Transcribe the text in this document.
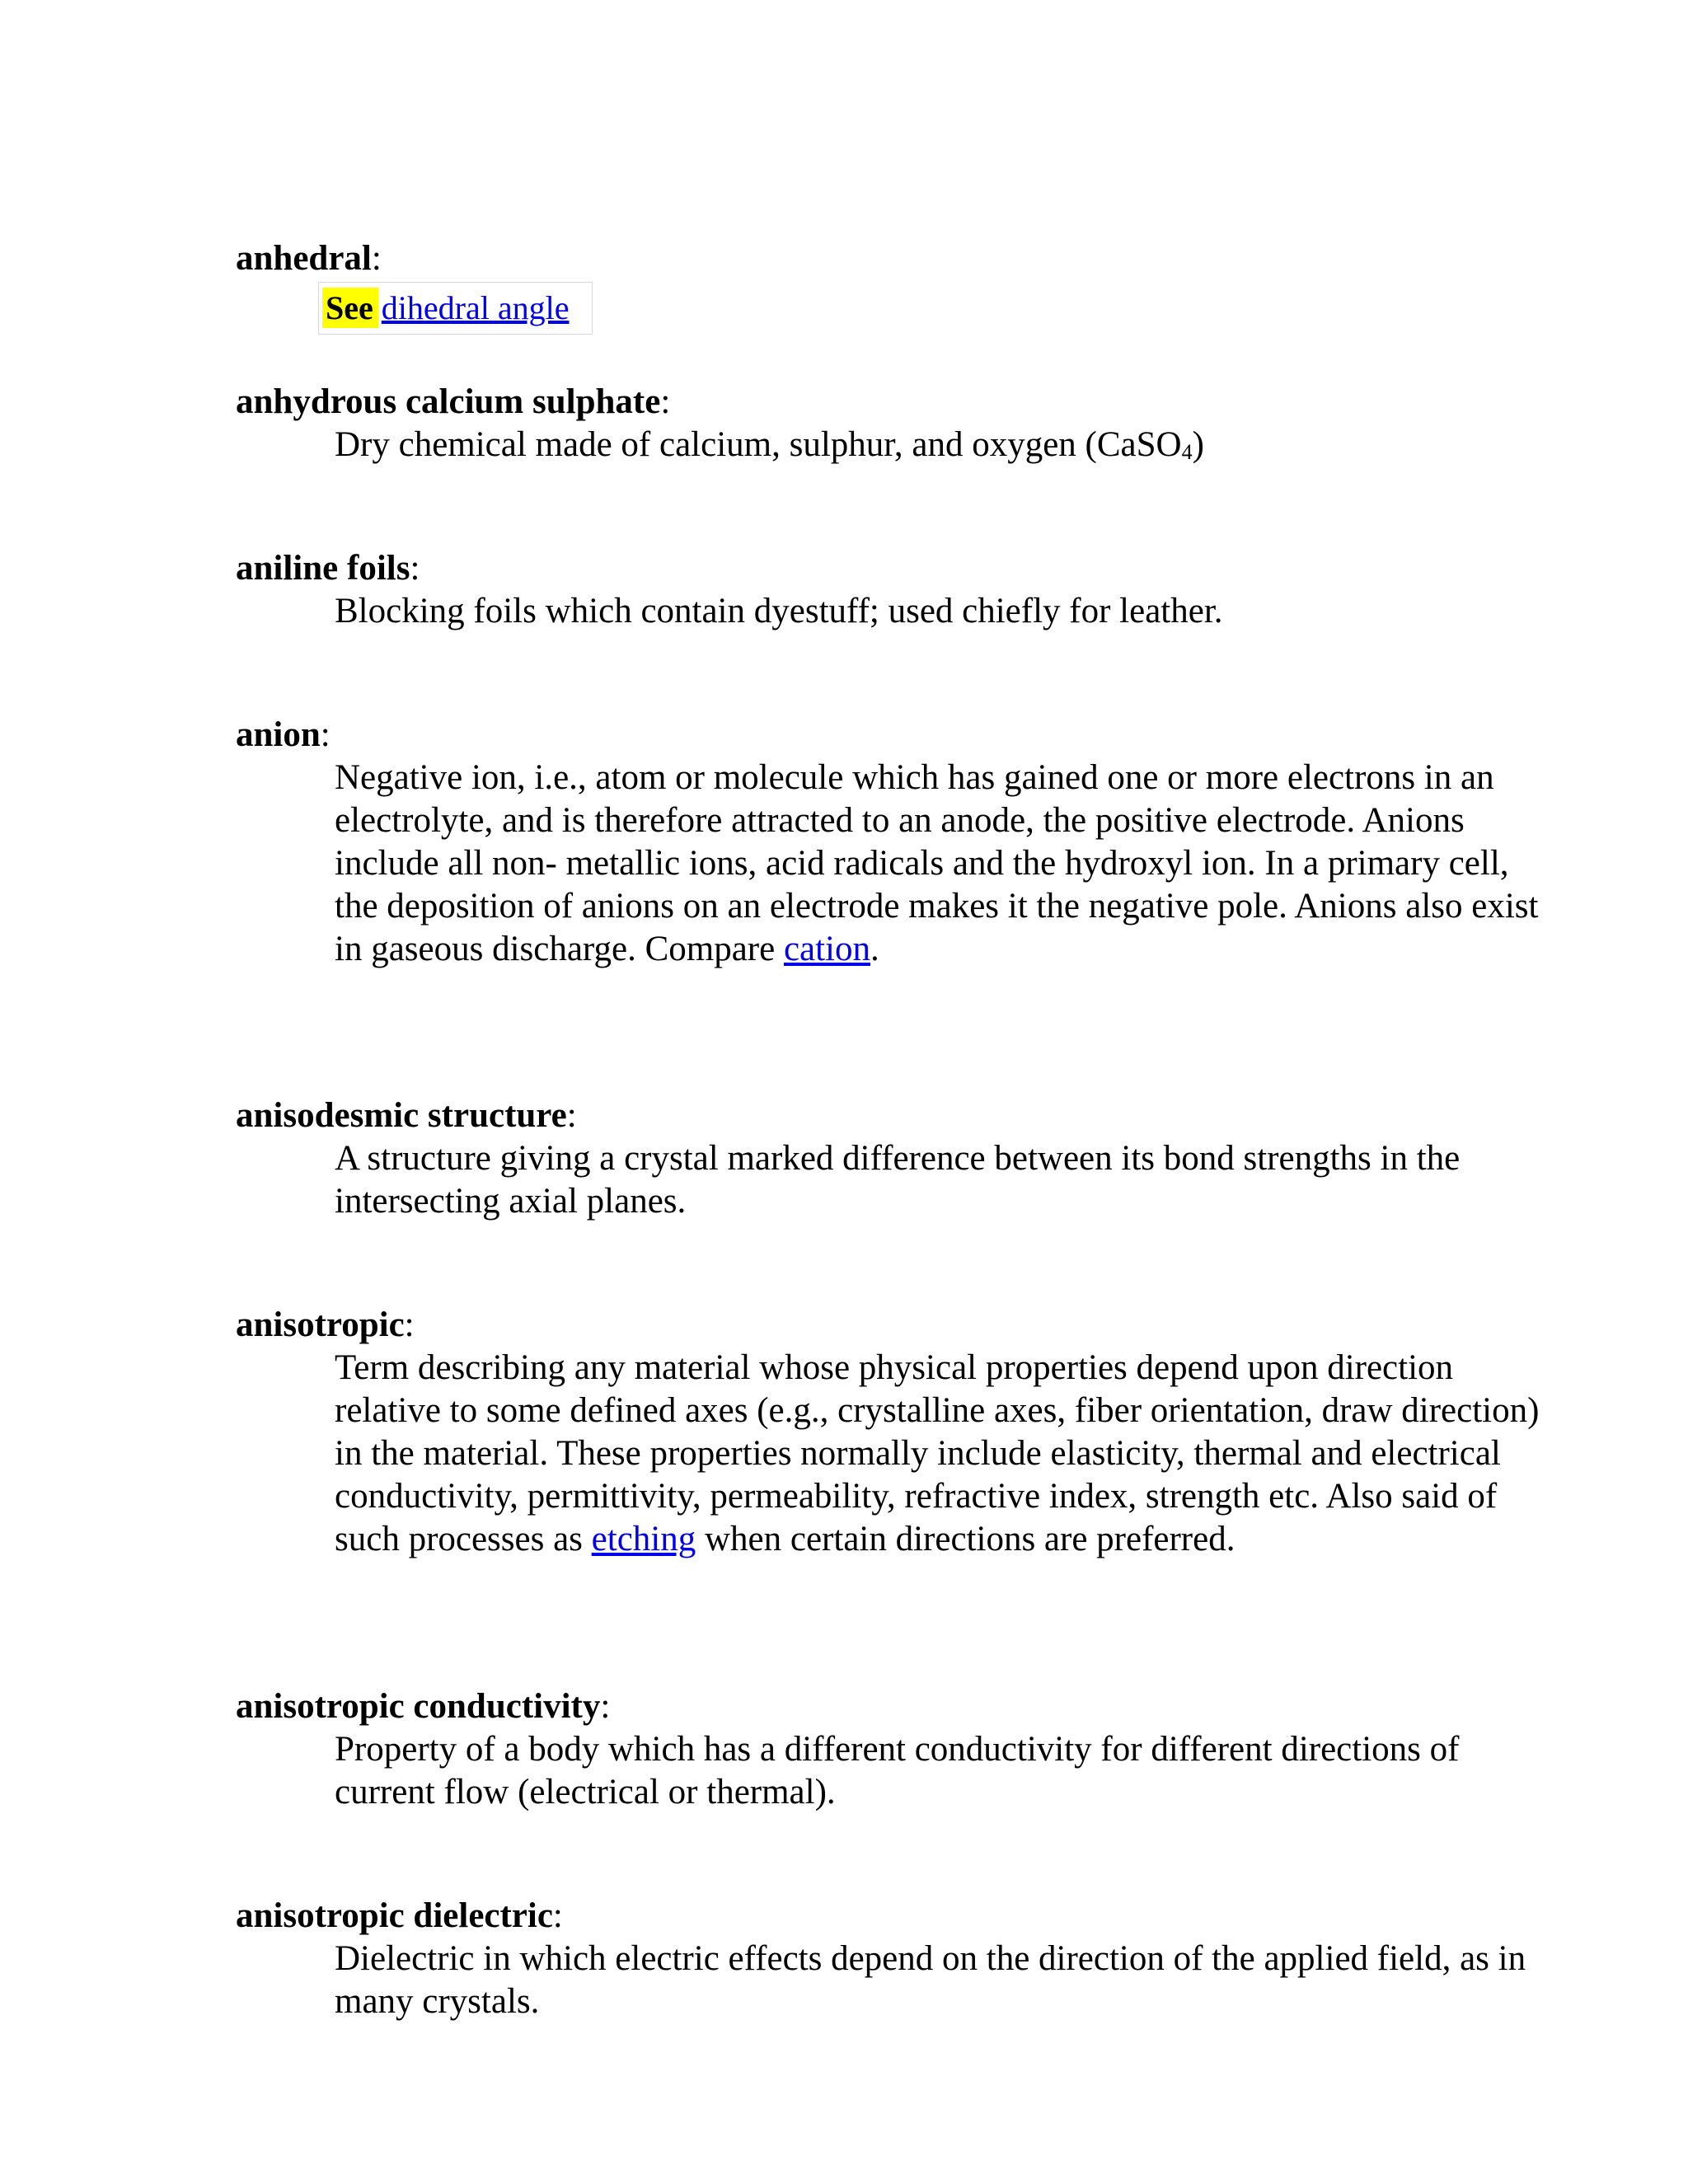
anhedral:
See dihedral angle
anhydrous calcium sulphate:
Dry chemical made of calcium, sulphur, and oxygen (CaSO$_4$)
aniline foils:
Blocking foils which contain dyestuff; used chiefly for leather.
anion:
Negative ion, i.e., atom or molecule which has gained one or more electrons in an electrolyte, and is therefore attracted to an anode, the positive electrode. Anions include all non- metallic ions, acid radicals and the hydroxyl ion. In a primary cell, the deposition of anions on an electrode makes it the negative pole. Anions also exist in gaseous discharge. Compare cation.
anisodesmic structure:
A structure giving a crystal marked difference between its bond strengths in the intersecting axial planes.
anisotropic:
Term describing any material whose physical properties depend upon direction relative to some defined axes (e.g., crystalline axes, fiber orientation, draw direction) in the material. These properties normally include elasticity, thermal and electrical conductivity, permittivity, permeability, refractive index, strength etc. Also said of such processes as etching when certain directions are preferred.
anisotropic conductivity:
Property of a body which has a different conductivity for different directions of current flow (electrical or thermal).
anisotropic dielectric:
Dielectric in which electric effects depend on the direction of the applied field, as in many crystals.
